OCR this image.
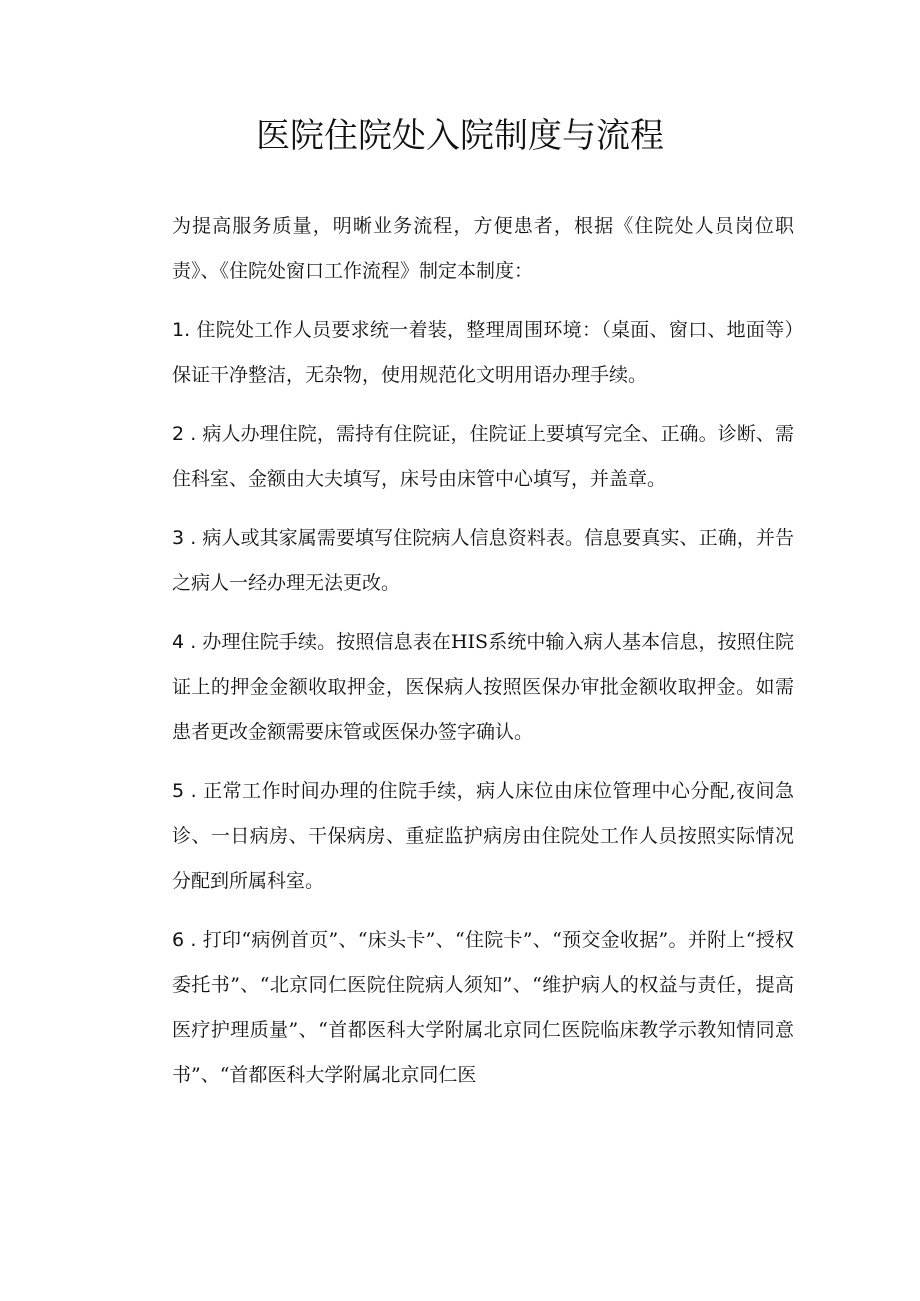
医院住院处入院制度与流程

为提高服务质量，明晰业务流程，方便患者，根据《住院处人员岗位职责》、《住院处窗口工作流程》制定本制度：

1. 住院处工作人员要求统一着装，整理周围环境：（桌面、窗口、地面等）保证干净整洁，无杂物，使用规范化文明用语办理手续。

2 . 病人办理住院，需持有住院证，住院证上要填写完全、正确。诊断、需住科室、金额由大夫填写，床号由床管中心填写，并盖章。

3 . 病人或其家属需要填写住院病人信息资料表。信息要真实、正确，并告之病人一经办理无法更改。

4 . 办理住院手续。按照信息表在HIS系统中输入病人基本信息，按照住院证上的押金金额收取押金，医保病人按照医保办审批金额收取押金。如需患者更改金额需要床管或医保办签字确认。

5 . 正常工作时间办理的住院手续，病人床位由床位管理中心分配,夜间急诊、一日病房、干保病房、重症监护病房由住院处工作人员按照实际情况分配到所属科室。

6 . 打印“病例首页”、“床头卡”、“住院卡”、“预交金收据”。并附上“授权委托书”、“北京同仁医院住院病人须知”、“维护病人的权益与责任，提高医疗护理质量”、“首都医科大学附属北京同仁医院临床教学示教知情同意书”、“首都医科大学附属北京同仁医
